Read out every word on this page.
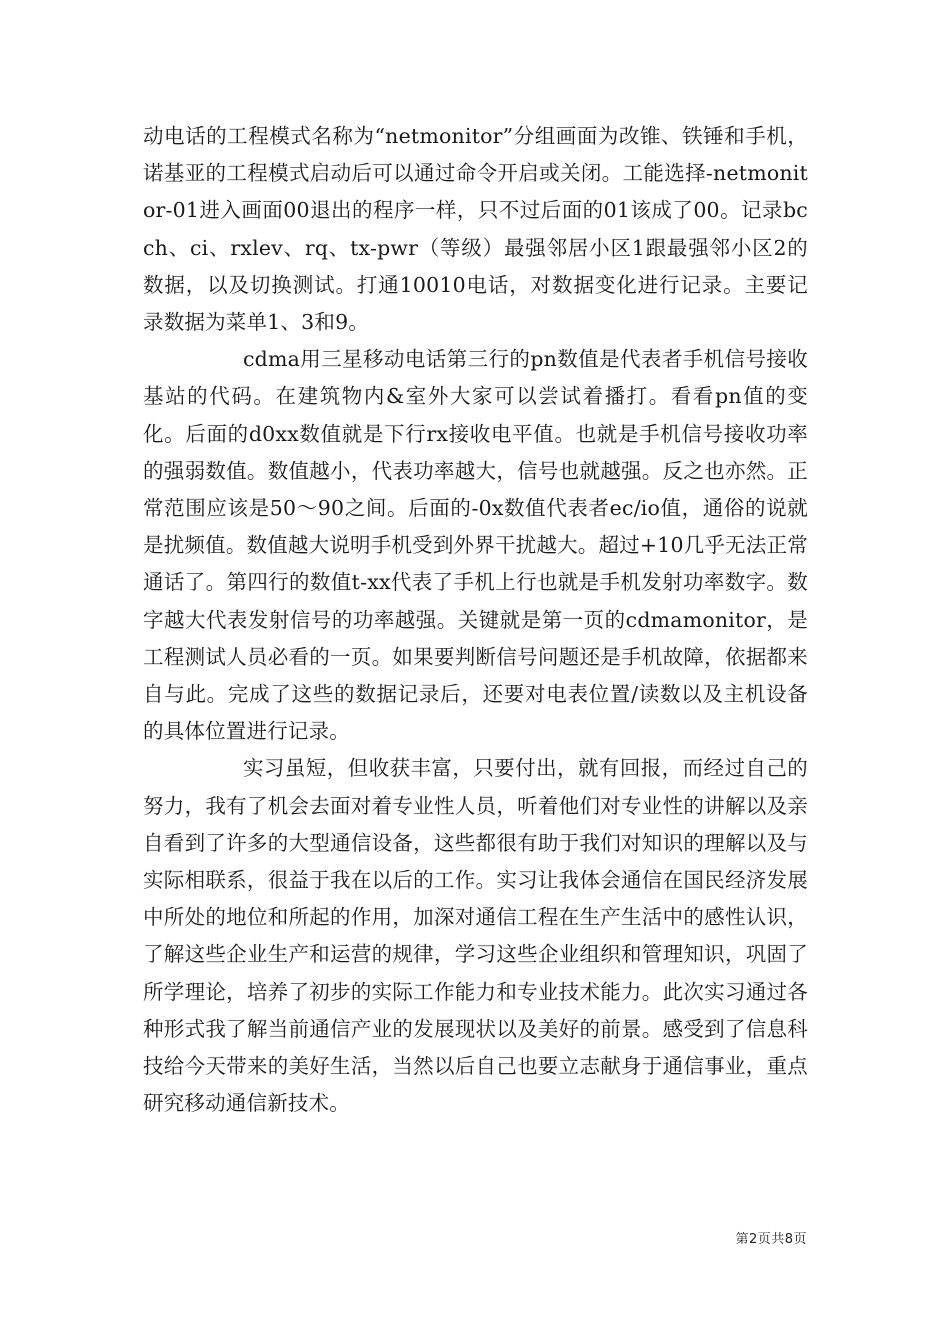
动电话的工程模式名称为“netmonitor”分组画面为改锥、铁锤和手机，诺基亚的工程模式启动后可以通过命令开启或关闭。工能选择-netmonitor-01进入画面00退出的程序一样，只不过后面的01该成了00。记录bcch、ci、rxlev、rq、tx-pwr（等级）最强邻居小区1跟最强邻小区2的数据，以及切换测试。打通10010电话，对数据变化进行记录。主要记录数据为菜单1、3和9。

cdma用三星移动电话第三行的pn数值是代表者手机信号接收基站的代码。在建筑物内&室外大家可以尝试着播打。看看pn值的变化。后面的d0xx数值就是下行rx接收电平值。也就是手机信号接收功率的强弱数值。数值越小，代表功率越大，信号也就越强。反之也亦然。正常范围应该是50～90之间。后面的-0x数值代表者ec/io值，通俗的说就是扰频值。数值越大说明手机受到外界干扰越大。超过+10几乎无法正常通话了。第四行的数值t-xx代表了手机上行也就是手机发射功率数字。数字越大代表发射信号的功率越强。关键就是第一页的cdmamonitor，是工程测试人员必看的一页。如果要判断信号问题还是手机故障，依据都来自与此。完成了这些的数据记录后，还要对电表位置/读数以及主机设备的具体位置进行记录。

实习虽短，但收获丰富，只要付出，就有回报，而经过自己的努力，我有了机会去面对着专业性人员，听着他们对专业性的讲解以及亲自看到了许多的大型通信设备，这些都很有助于我们对知识的理解以及与实际相联系，很益于我在以后的工作。实习让我体会通信在国民经济发展中所处的地位和所起的作用，加深对通信工程在生产生活中的感性认识，了解这些企业生产和运营的规律，学习这些企业组织和管理知识，巩固了所学理论，培养了初步的实际工作能力和专业技术能力。此次实习通过各种形式我了解当前通信产业的发展现状以及美好的前景。感受到了信息科技给今天带来的美好生活，当然以后自己也要立志献身于通信事业，重点研究移动通信新技术。

第2页共8页
